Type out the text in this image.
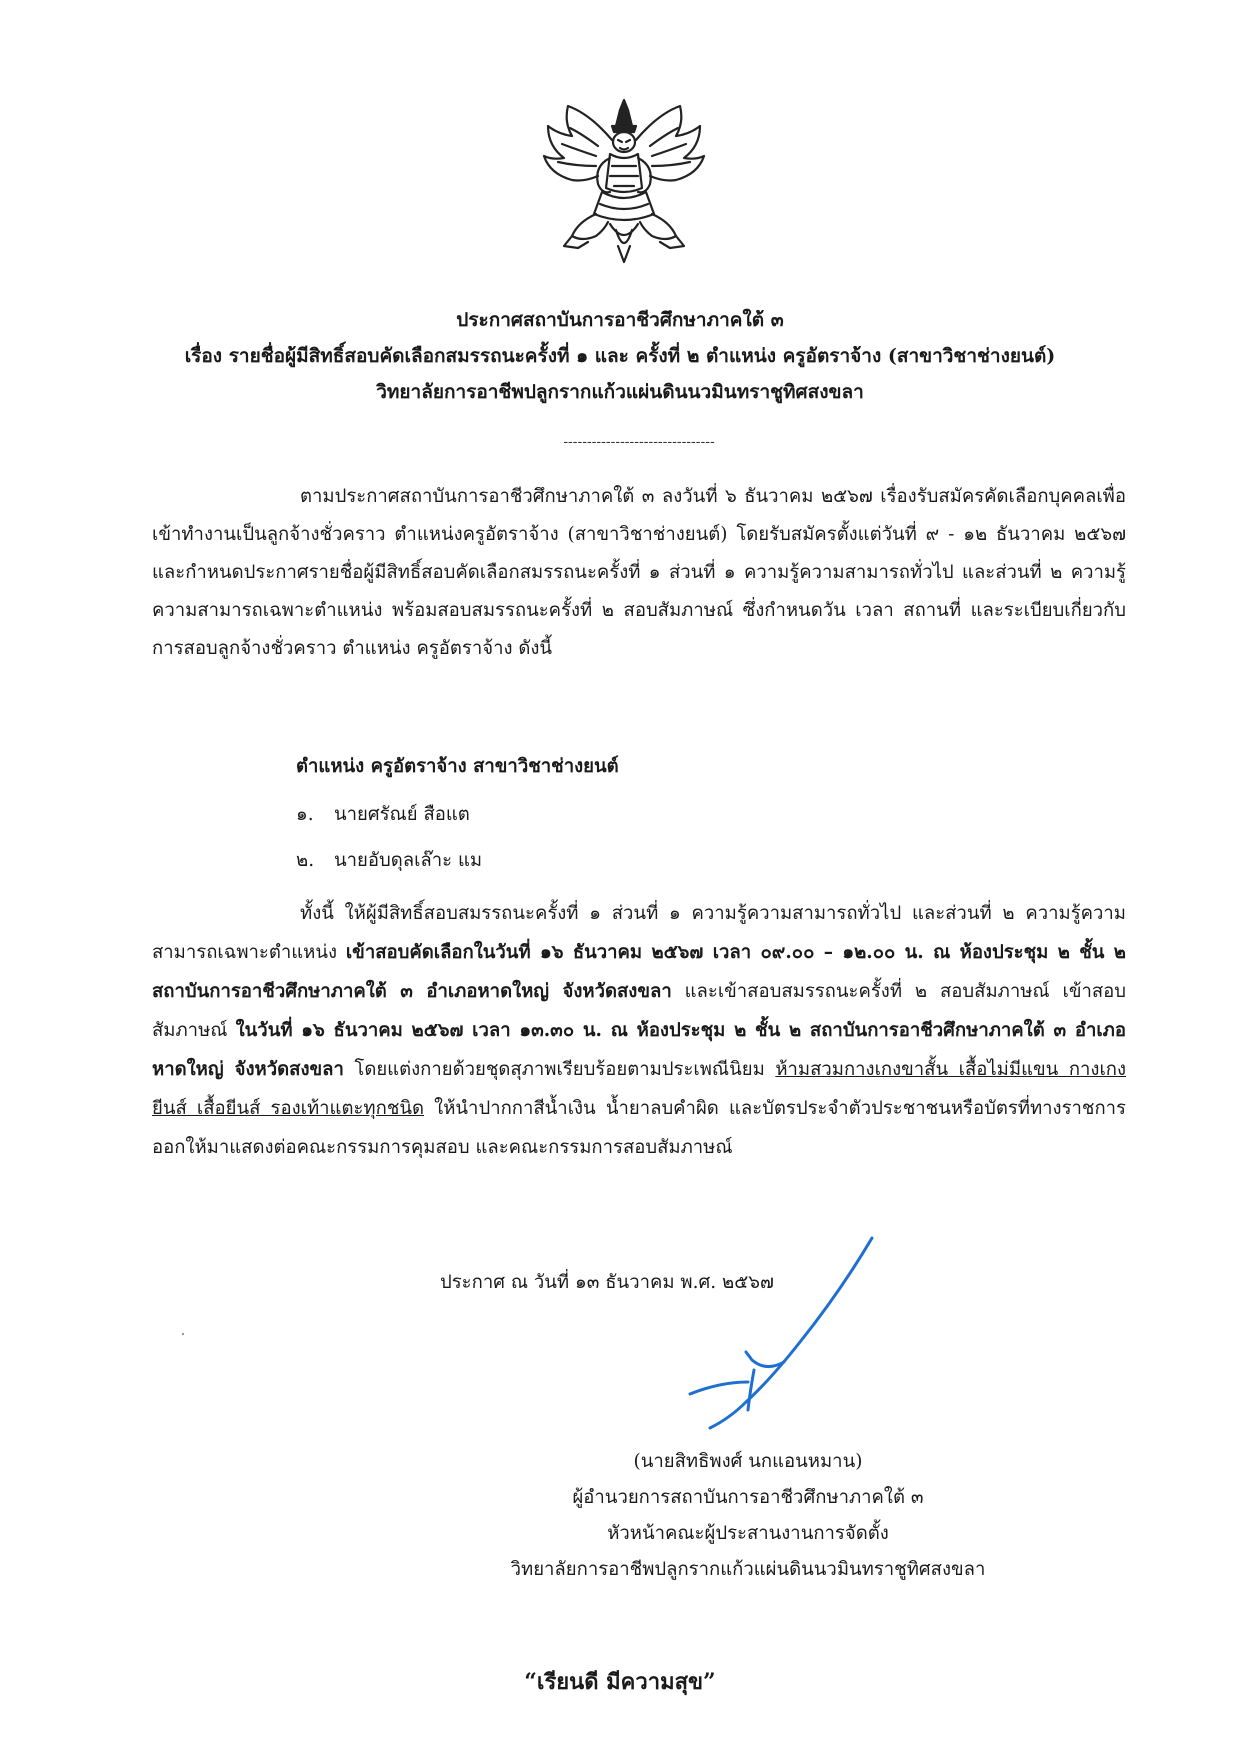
ประกาศสถาบันการอาชีวศึกษาภาคใต้ ๓
เรื่อง รายชื่อผู้มีสิทธิ์สอบคัดเลือกสมรรถนะครั้งที่ ๑ และ ครั้งที่ ๒ ตำแหน่ง ครูอัตราจ้าง (สาขาวิชาช่างยนต์)
วิทยาลัยการอาชีพปลูกรากแก้วแผ่นดินนวมินทราชูทิศสงขลา
--------------------------------

ตามประกาศสถาบันการอาชีวศึกษาภาคใต้ ๓ ลงวันที่ ๖ ธันวาคม ๒๕๖๗ เรื่องรับสมัครคัดเลือกบุคคลเพื่อเข้าทำงานเป็นลูกจ้างชั่วคราว ตำแหน่งครูอัตราจ้าง (สาขาวิชาช่างยนต์) โดยรับสมัครตั้งแต่วันที่ ๙ - ๑๒ ธันวาคม ๒๕๖๗ และกำหนดประกาศรายชื่อผู้มีสิทธิ์สอบคัดเลือกสมรรถนะครั้งที่ ๑ ส่วนที่ ๑ ความรู้ความสามารถทั่วไป และส่วนที่ ๒ ความรู้ความสามารถเฉพาะตำแหน่ง พร้อมสอบสมรรถนะครั้งที่ ๒ สอบสัมภาษณ์ ซึ่งกำหนดวัน เวลา สถานที่ และระเบียบเกี่ยวกับการสอบลูกจ้างชั่วคราว ตำแหน่ง ครูอัตราจ้าง ดังนี้

ตำแหน่ง ครูอัตราจ้าง สาขาวิชาช่างยนต์
๑. นายศรัณย์ สือแต
๒. นายอับดุลเล๊าะ แม

ทั้งนี้ ให้ผู้มีสิทธิ์สอบสมรรถนะครั้งที่ ๑ ส่วนที่ ๑ ความรู้ความสามารถทั่วไป และส่วนที่ ๒ ความรู้ความสามารถเฉพาะตำแหน่ง เข้าสอบคัดเลือกในวันที่ ๑๖ ธันวาคม ๒๕๖๗ เวลา ๐๙.๐๐ – ๑๒.๐๐ น. ณ ห้องประชุม ๒ ชั้น ๒ สถาบันการอาชีวศึกษาภาคใต้ ๓ อำเภอหาดใหญ่ จังหวัดสงขลา และเข้าสอบสมรรถนะครั้งที่ ๒ สอบสัมภาษณ์ เข้าสอบสัมภาษณ์ ในวันที่ ๑๖ ธันวาคม ๒๕๖๗ เวลา ๑๓.๓๐ น. ณ ห้องประชุม ๒ ชั้น ๒ สถาบันการอาชีวศึกษาภาคใต้ ๓ อำเภอหาดใหญ่ จังหวัดสงขลา โดยแต่งกายด้วยชุดสุภาพเรียบร้อยตามประเพณีนิยม ห้ามสวมกางเกงขาสั้น เสื้อไม่มีแขน กางเกงยีนส์ เสื้อยีนส์ รองเท้าแตะทุกชนิด ให้นำปากกาสีน้ำเงิน น้ำยาลบคำผิด และบัตรประจำตัวประชาชนหรือบัตรที่ทางราชการออกให้มาแสดงต่อคณะกรรมการคุมสอบ และคณะกรรมการสอบสัมภาษณ์

ประกาศ ณ วันที่ ๑๓ ธันวาคม พ.ศ. ๒๕๖๗
(นายสิทธิพงศ์ นกแอนหมาน)
ผู้อำนวยการสถาบันการอาชีวศึกษาภาคใต้ ๓
หัวหน้าคณะผู้ประสานงานการจัดตั้ง
วิทยาลัยการอาชีพปลูกรากแก้วแผ่นดินนวมินทราชูทิศสงขลา
“เรียนดี มีความสุข”
